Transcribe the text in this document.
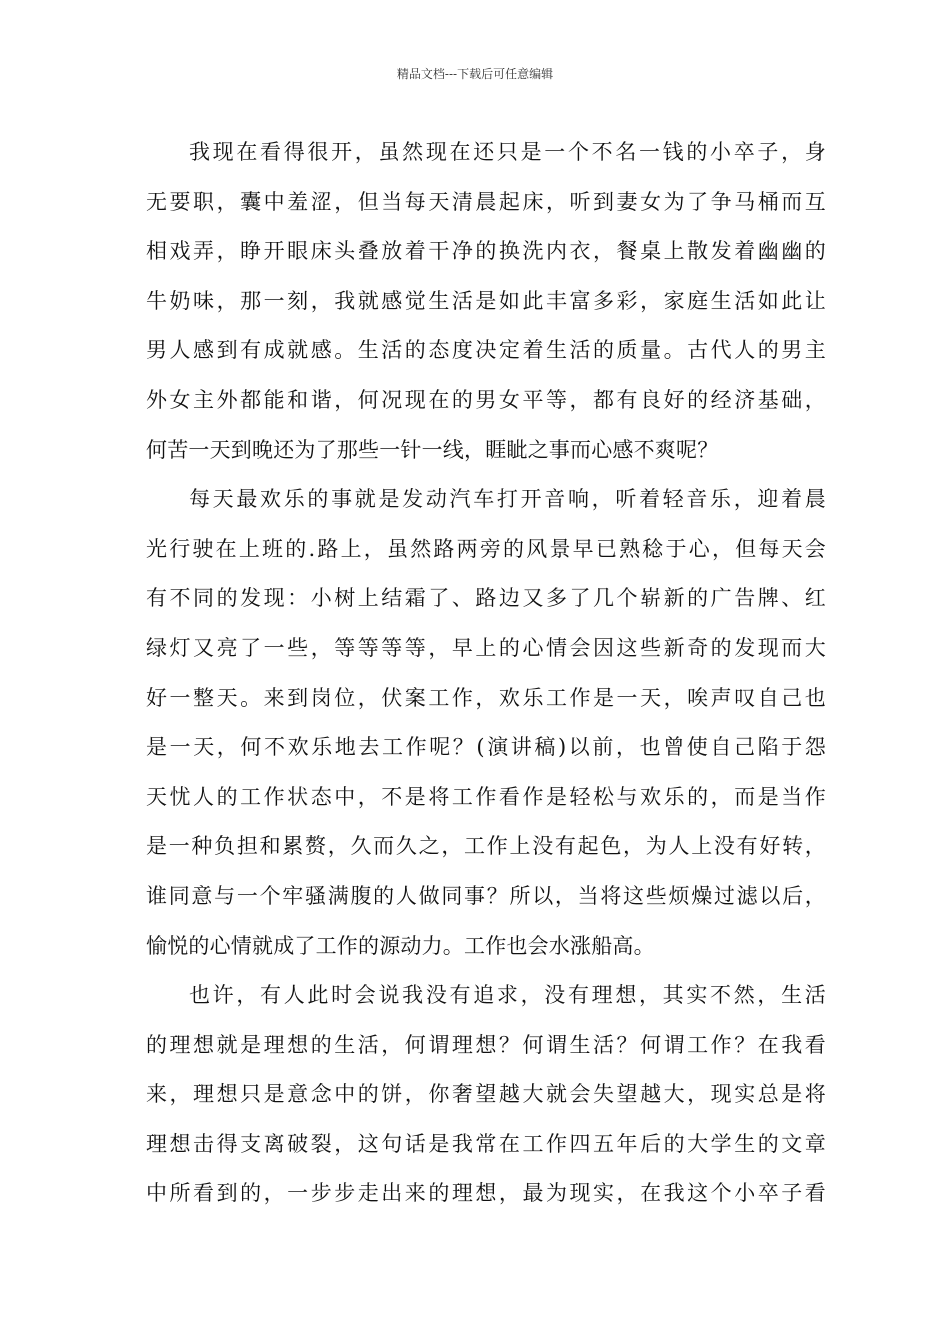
精品文档---下载后可任意编辑
我现在看得很开，虽然现在还只是一个不名一钱的小卒子，身
无要职，囊中羞涩，但当每天清晨起床，听到妻女为了争马桶而互
相戏弄，睁开眼床头叠放着干净的换洗内衣，餐桌上散发着幽幽的
牛奶味，那一刻，我就感觉生活是如此丰富多彩，家庭生活如此让
男人感到有成就感。生活的态度决定着生活的质量。古代人的男主
外女主外都能和谐，何况现在的男女平等，都有良好的经济基础，
何苦一天到晚还为了那些一针一线，睚眦之事而心感不爽呢？
每天最欢乐的事就是发动汽车打开音响，听着轻音乐，迎着晨
光行驶在上班的.路上，虽然路两旁的风景早已熟稔于心，但每天会
有不同的发现：小树上结霜了、路边又多了几个崭新的广告牌、红
绿灯又亮了一些，等等等等，早上的心情会因这些新奇的发现而大
好一整天。来到岗位，伏案工作，欢乐工作是一天，唉声叹自己也
是一天，何不欢乐地去工作呢？(演讲稿)以前，也曾使自己陷于怨
天忧人的工作状态中，不是将工作看作是轻松与欢乐的，而是当作
是一种负担和累赘，久而久之，工作上没有起色，为人上没有好转，
谁同意与一个牢骚满腹的人做同事？所以，当将这些烦燥过滤以后，
愉悦的心情就成了工作的源动力。工作也会水涨船高。
也许，有人此时会说我没有追求，没有理想，其实不然，生活
的理想就是理想的生活，何谓理想？何谓生活？何谓工作？在我看
来，理想只是意念中的饼，你奢望越大就会失望越大，现实总是将
理想击得支离破裂，这句话是我常在工作四五年后的大学生的文章
中所看到的，一步步走出来的理想，最为现实，在我这个小卒子看
